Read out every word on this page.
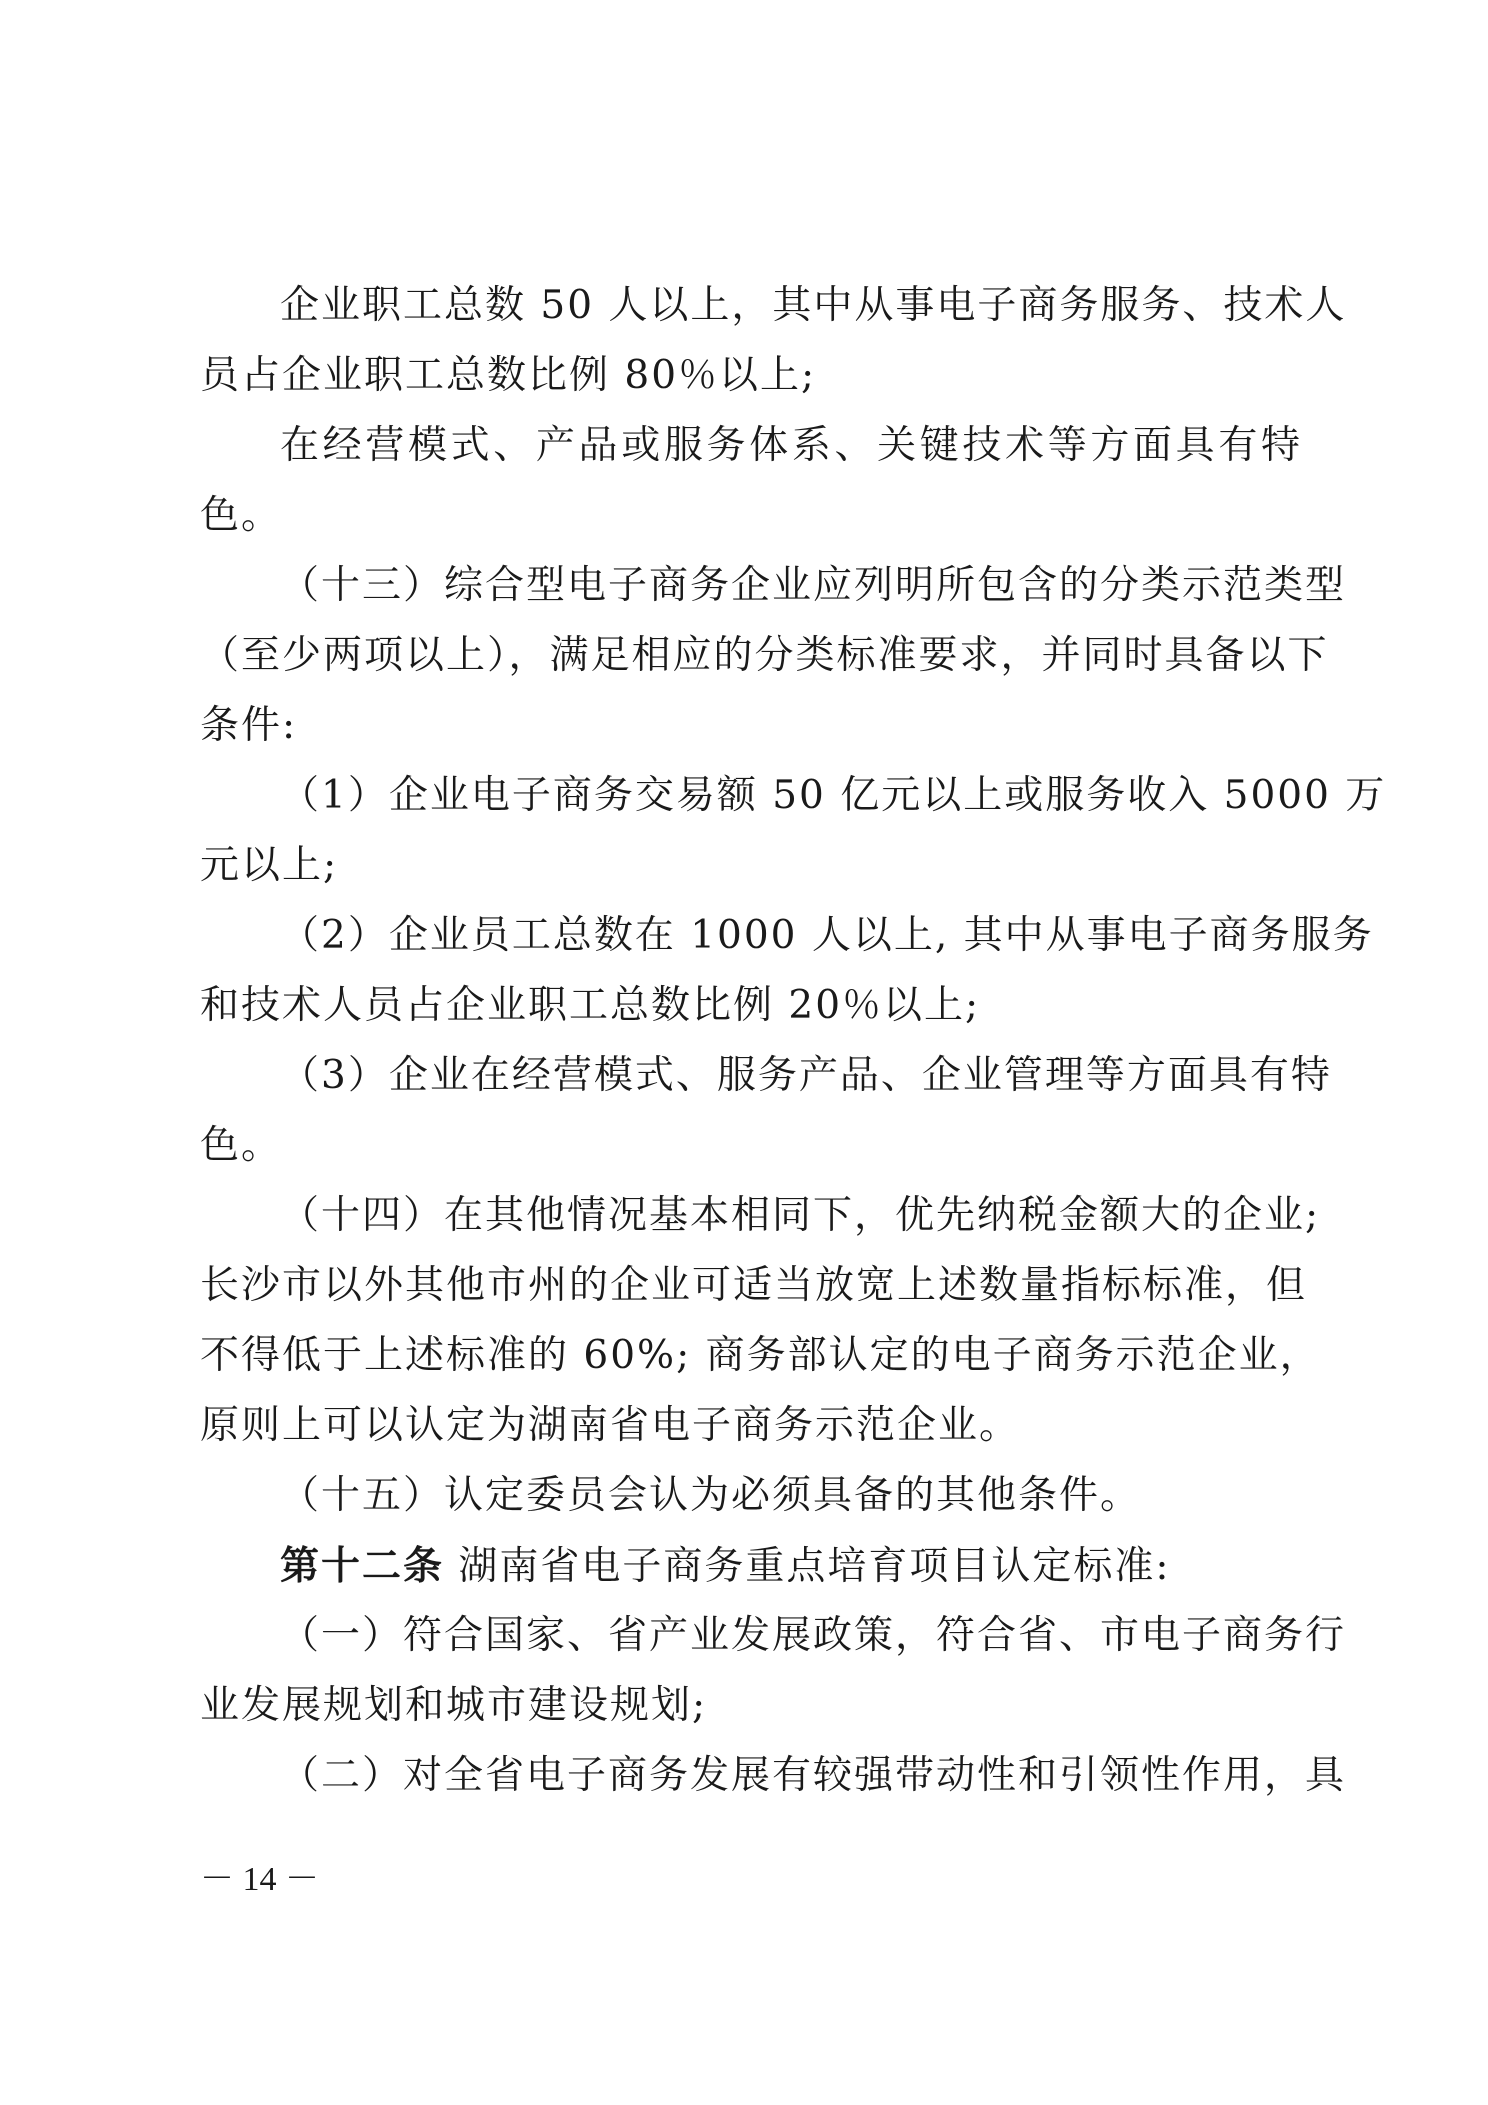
企业职工总数 50 人以上，其中从事电子商务服务、技术人
员占企业职工总数比例 80％以上;
在经营模式、产品或服务体系、关键技术等方面具有特
色。
（十三）综合型电子商务企业应列明所包含的分类示范类型
（至少两项以上），满足相应的分类标准要求，并同时具备以下
条件:
（1）企业电子商务交易额 50 亿元以上或服务收入 5000 万
元以上;
（2）企业员工总数在 1000 人以上, 其中从事电子商务服务
和技术人员占企业职工总数比例 20％以上;
（3）企业在经营模式、服务产品、企业管理等方面具有特
色。
（十四）在其他情况基本相同下，优先纳税金额大的企业;
长沙市以外其他市州的企业可适当放宽上述数量指标标准，但
不得低于上述标准的 60%; 商务部认定的电子商务示范企业，
原则上可以认定为湖南省电子商务示范企业。
（十五）认定委员会认为必须具备的其他条件。
第十二条 湖南省电子商务重点培育项目认定标准:
（一）符合国家、省产业发展政策，符合省、市电子商务行
业发展规划和城市建设规划;
（二）对全省电子商务发展有较强带动性和引领性作用，具
－ 14 －
